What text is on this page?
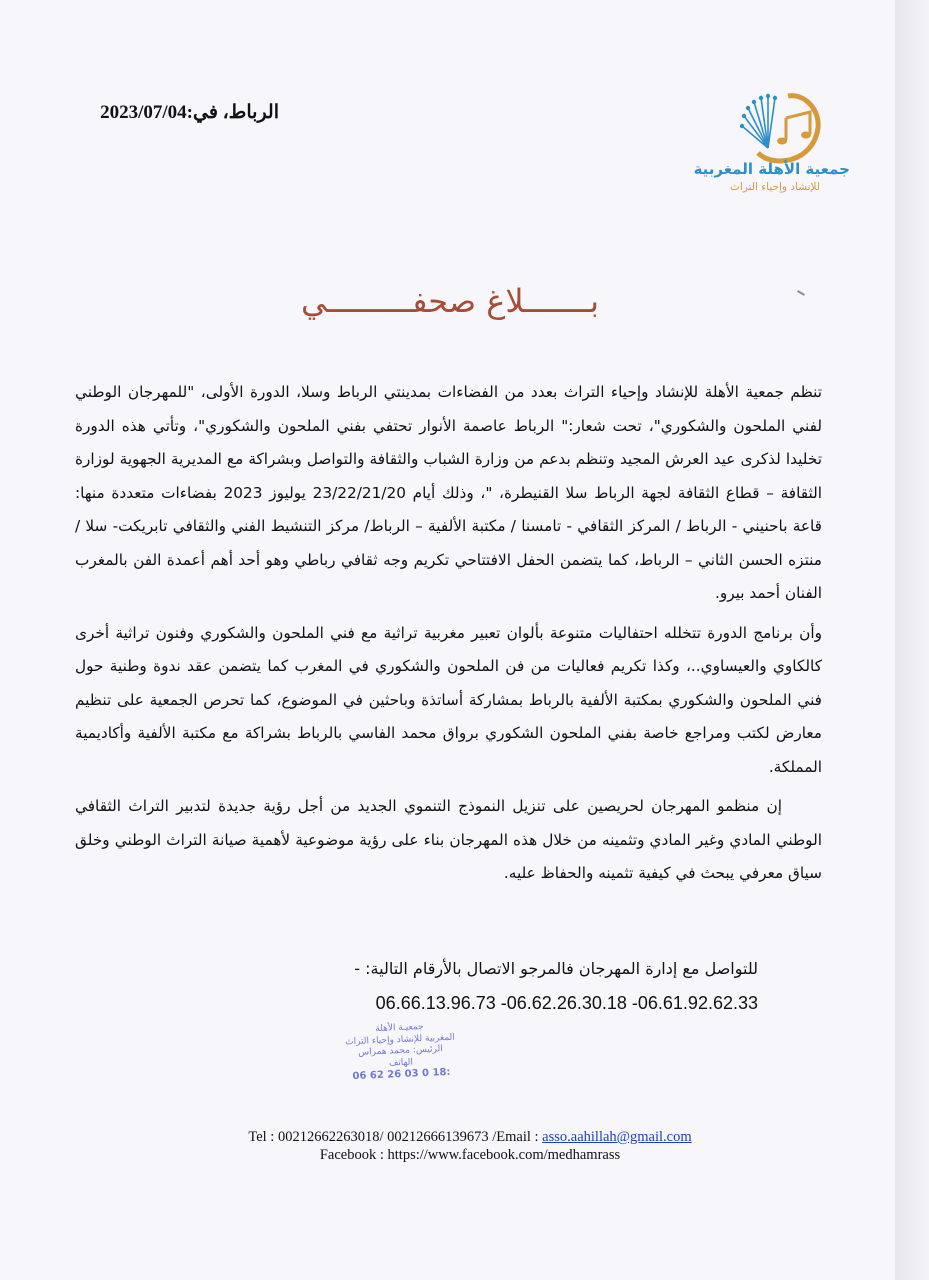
الرباط، في:2023/07/04
جمعية الأهلة المغربية
للإنشاد وإحياء التراث
بـــــــلاغ صحفـــــــــي

تنظم جمعية الأهلة للإنشاد وإحياء التراث بعدد من الفضاءات بمدينتي الرباط وسلا، الدورة الأولى، "للمهرجان الوطني لفني الملحون والشكوري"، تحت شعار:" الرباط عاصمة الأنوار تحتفي بفني الملحون والشكوري"، وتأتي هذه الدورة تخليدا لذكرى عيد العرش المجيد وتنظم بدعم من وزارة الشباب والثقافة والتواصل وبشراكة مع المديرية الجهوية لوزارة الثقافة – قطاع الثقافة لجهة الرباط سلا القنيطرة، "، وذلك أيام 23/22/21/20 يوليوز 2023 بفضاءات متعددة منها: قاعة باحنيني - الرباط / المركز الثقافي - تامسنا / مكتبة الألفية – الرباط/ مركز التنشيط الفني والثقافي تابريكت- سلا / منتزه الحسن الثاني – الرباط، كما يتضمن الحفل الافتتاحي تكريم وجه ثقافي رباطي وهو أحد أهم أعمدة الفن بالمغرب الفنان أحمد بيرو.

وأن برنامج الدورة تتخلله احتفاليات متنوعة بألوان تعبير مغربية تراثية مع فني الملحون والشكوري وفنون تراثية أخرى كالكاوي والعيساوي..، وكذا تكريم فعاليات من فن الملحون والشكوري في المغرب كما يتضمن عقد ندوة وطنية حول فني الملحون والشكوري بمكتبة الألفية بالرباط بمشاركة أساتذة وباحثين في الموضوع، كما تحرص الجمعية على تنظيم معارض لكتب ومراجع خاصة بفني الملحون الشكوري برواق محمد الفاسي بالرباط بشراكة مع مكتبة الألفية وأكاديمية المملكة.

إن منظمو المهرجان لحريصين على تنزيل النموذج التنموي الجديد من أجل رؤية جديدة لتدبير التراث الثقافي الوطني المادي وغير المادي وتثمينه من خلال هذه المهرجان بناء على رؤية موضوعية لأهمية صيانة التراث الوطني وخلق سياق معرفي يبحث في كيفية تثمينه والحفاظ عليه.

للتواصل مع إدارة المهرجان فالمرجو الاتصال بالأرقام التالية: -
06.66.13.96.73 -06.62.26.30.18 -06.61.92.62.33
جمعيـة الأهلة
المغربية للإنشاد وإحياء التراث
الرئيس: محمد همراس
الهاتف
06 62 26 03 0 18:
Tel : 00212662263018/ 00212666139673 /Email : asso.aahillah@gmail.com
Facebook : https://www.facebook.com/medhamrass
